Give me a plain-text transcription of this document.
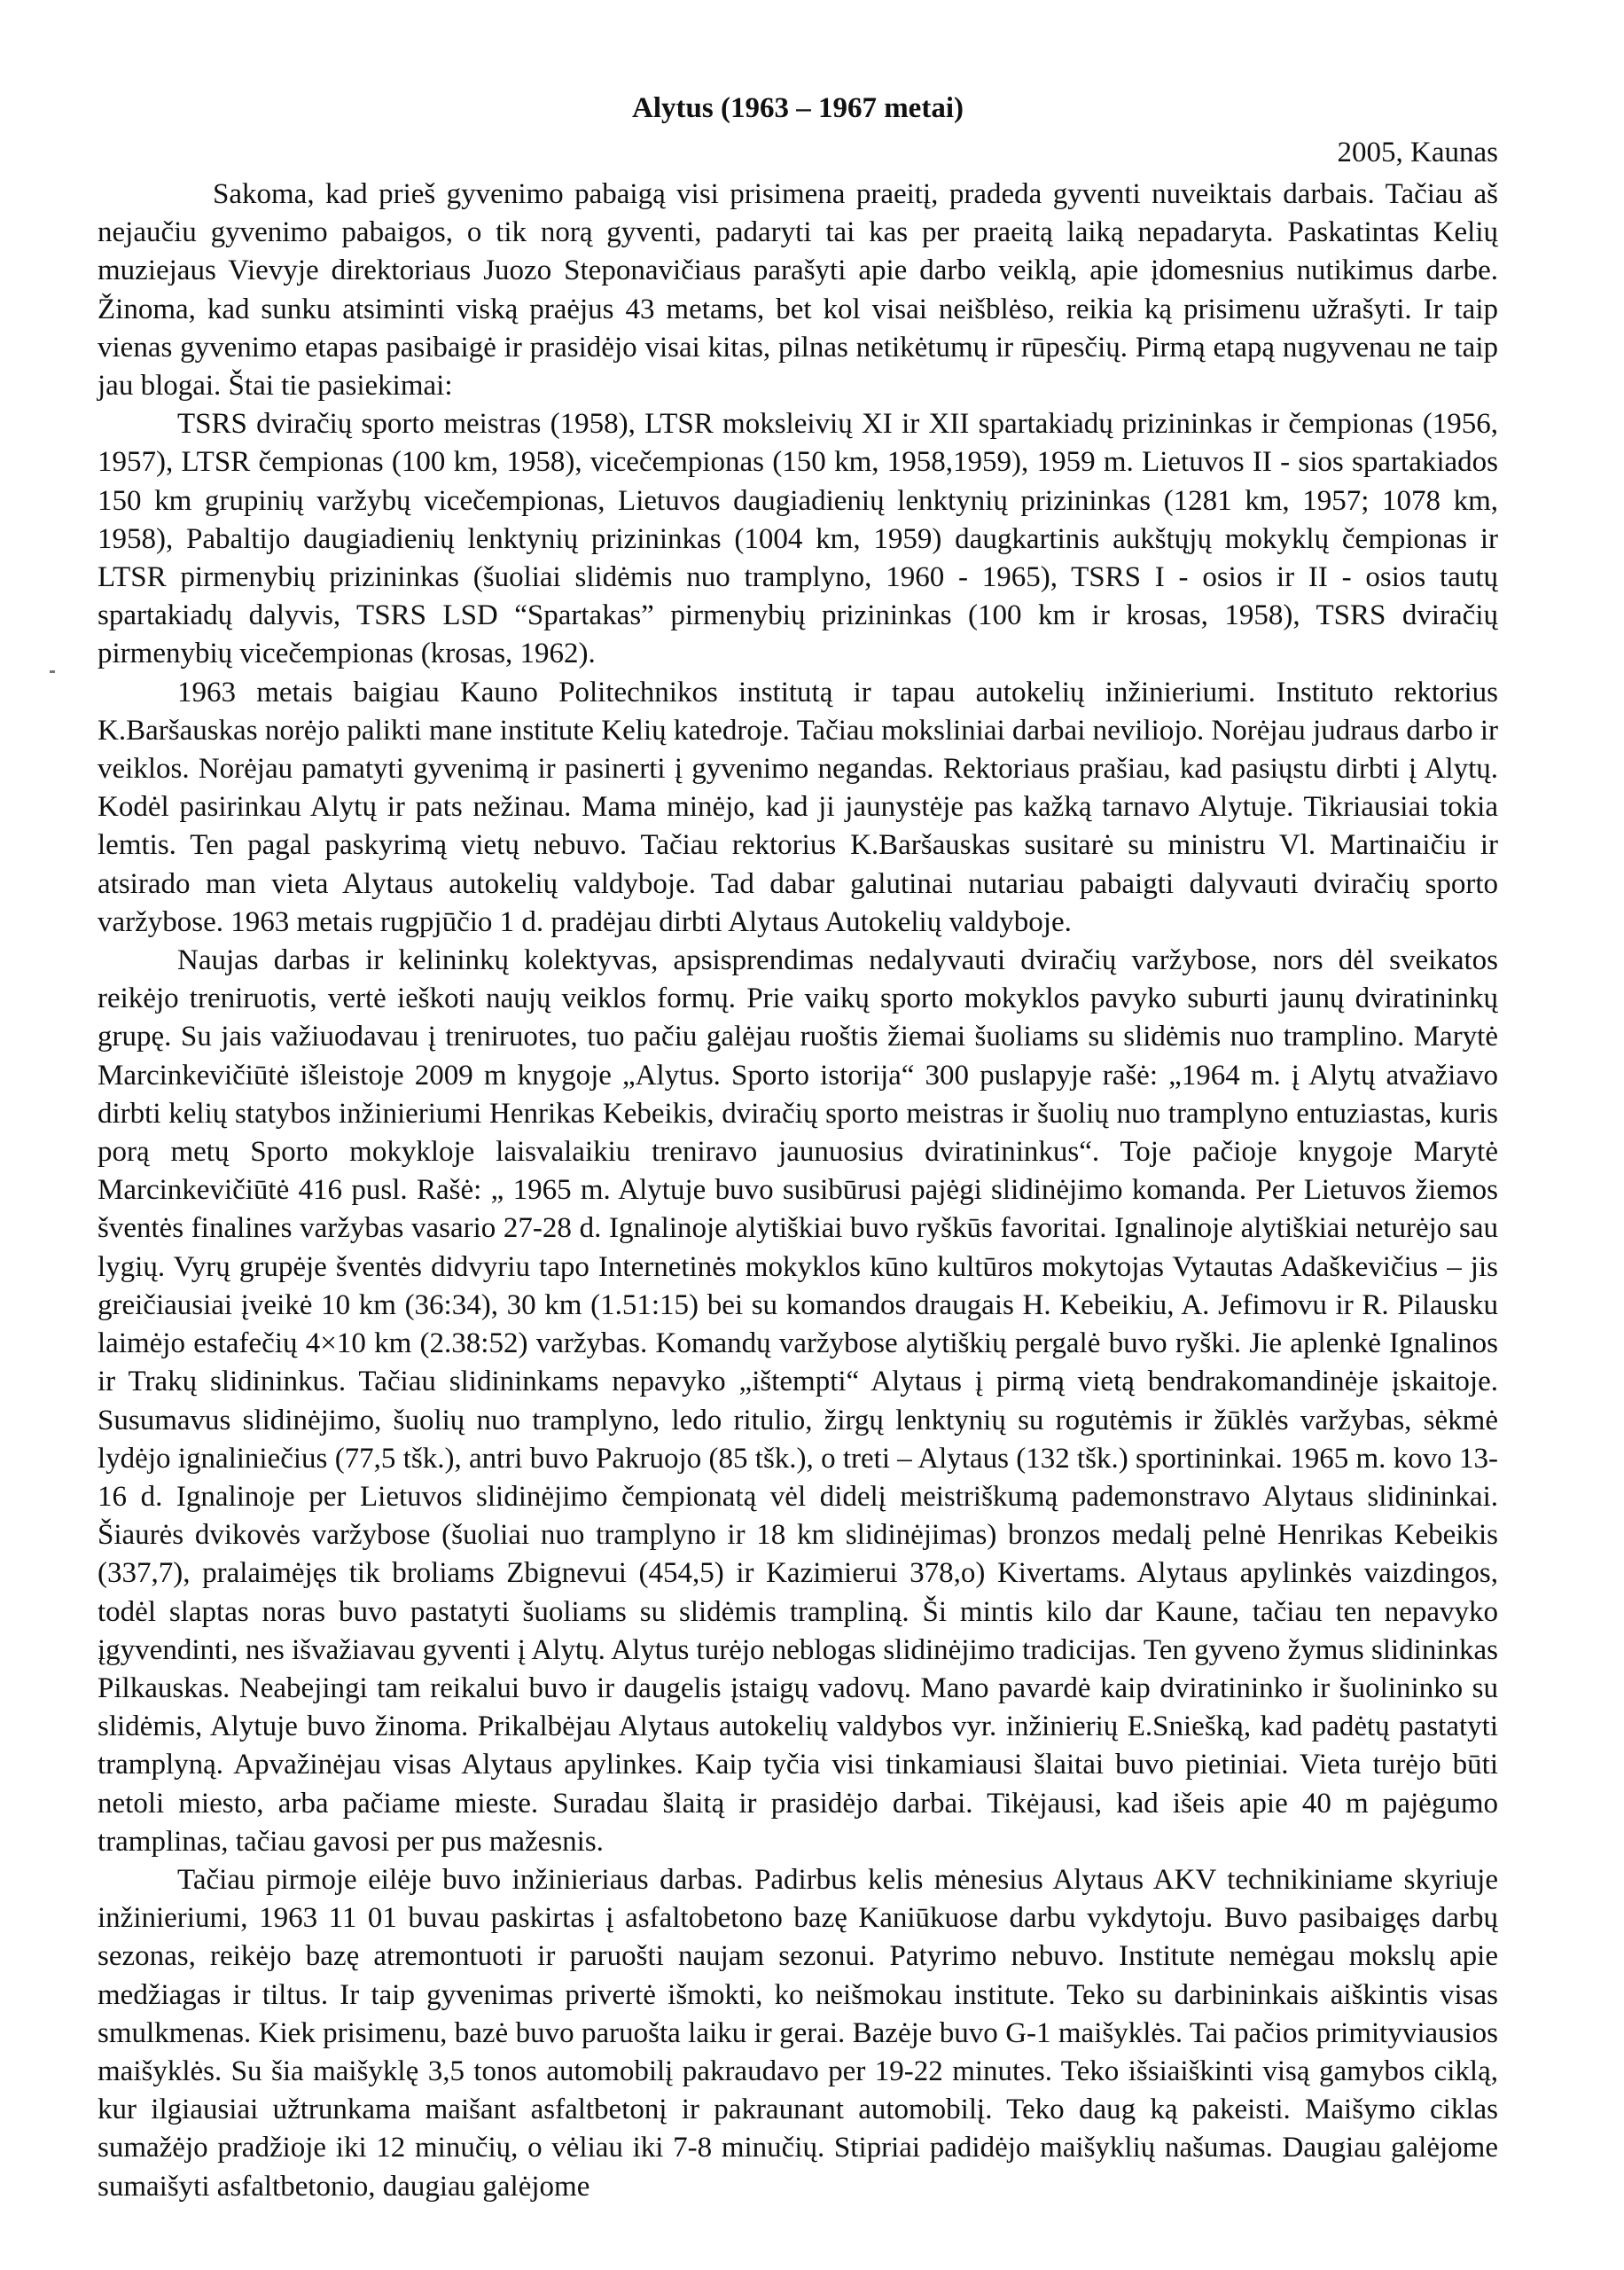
Alytus (1963 – 1967 metai)
2005, Kaunas

Sakoma, kad prieš gyvenimo pabaigą visi prisimena praeitį, pradeda gyventi nuveiktais darbais. Tačiau aš nejaučiu gyvenimo pabaigos, o tik norą gyventi, padaryti tai kas per praeitą laiką nepadaryta. Paskatintas Kelių muziejaus Vievyje direktoriaus Juozo Steponavičiaus parašyti apie darbo veiklą, apie įdomesnius nutikimus darbe. Žinoma, kad sunku atsiminti viską praėjus 43 metams, bet kol visai neišblėso, reikia ką prisimenu užrašyti. Ir taip vienas gyvenimo etapas pasibaigė ir prasidėjo visai kitas, pilnas netikėtumų ir rūpesčių. Pirmą etapą nugyvenau ne taip jau blogai. Štai tie pasiekimai:

TSRS dviračių sporto meistras (1958), LTSR moksleivių XI ir XII spartakiadų prizininkas ir čempionas (1956, 1957), LTSR čempionas (100 km, 1958), vicečempionas (150 km, 1958,1959), 1959 m. Lietuvos II - sios spartakiados 150 km grupinių varžybų vicečempionas, Lietuvos daugiadienių lenktynių prizininkas (1281 km, 1957; 1078 km, 1958), Pabaltijo daugiadienių lenktynių prizininkas (1004 km, 1959) daugkartinis aukštųjų mokyklų čempionas ir LTSR pirmenybių prizininkas (šuoliai slidėmis nuo tramplyno, 1960 - 1965), TSRS I - osios ir II - osios tautų spartakiadų dalyvis, TSRS LSD “Spartakas” pirmenybių prizininkas (100 km ir krosas, 1958), TSRS dviračių pirmenybių vicečempionas (krosas, 1962).

1963 metais baigiau Kauno Politechnikos institutą ir tapau autokelių inžinieriumi. Instituto rektorius K.Baršauskas norėjo palikti mane institute Kelių katedroje. Tačiau moksliniai darbai neviliojo. Norėjau judraus darbo ir veiklos. Norėjau pamatyti gyvenimą ir pasinerti į gyvenimo negandas. Rektoriaus prašiau, kad pasiųstu dirbti į Alytų. Kodėl pasirinkau Alytų ir pats nežinau. Mama minėjo, kad ji jaunystėje pas kažką tarnavo Alytuje. Tikriausiai tokia lemtis. Ten pagal paskyrimą vietų nebuvo. Tačiau rektorius K.Baršauskas susitarė su ministru Vl. Martinaičiu ir atsirado man vieta Alytaus autokelių valdyboje. Tad dabar galutinai nutariau pabaigti dalyvauti dviračių sporto varžybose. 1963 metais rugpjūčio 1 d. pradėjau dirbti Alytaus Autokelių valdyboje.

Naujas darbas ir kelininkų kolektyvas, apsisprendimas nedalyvauti dviračių varžybose, nors dėl sveikatos reikėjo treniruotis, vertė ieškoti naujų veiklos formų. Prie vaikų sporto mokyklos pavyko suburti jaunų dviratininkų grupę. Su jais važiuodavau į treniruotes, tuo pačiu galėjau ruoštis žiemai šuoliams su slidėmis nuo tramplino. Marytė Marcinkevičiūtė išleistoje 2009 m knygoje „Alytus. Sporto istorija“ 300 puslapyje rašė: „1964 m. į Alytų atvažiavo dirbti kelių statybos inžinieriumi Henrikas Kebeikis, dviračių sporto meistras ir šuolių nuo tramplyno entuziastas, kuris porą metų Sporto mokykloje laisvalaikiu treniravo jaunuosius dviratininkus“. Toje pačioje knygoje Marytė Marcinkevičiūtė 416 pusl. Rašė: „ 1965 m. Alytuje buvo susibūrusi pajėgi slidinėjimo komanda. Per Lietuvos žiemos šventės finalines varžybas vasario 27-28 d. Ignalinoje alytiškiai buvo ryškūs favoritai. Ignalinoje alytiškiai neturėjo sau lygių. Vyrų grupėje šventės didvyriu tapo Internetinės mokyklos kūno kultūros mokytojas Vytautas Adaškevičius – jis greičiausiai įveikė 10 km (36:34), 30 km (1.51:15) bei su komandos draugais H. Kebeikiu, A. Jefimovu ir R. Pilausku laimėjo estafečių 4×10 km (2.38:52) varžybas. Komandų varžybose alytiškių pergalė buvo ryški. Jie aplenkė Ignalinos ir Trakų slidininkus. Tačiau slidininkams nepavyko „ištempti“ Alytaus į pirmą vietą bendrakomandinėje įskaitoje. Susumavus slidinėjimo, šuolių nuo tramplyno, ledo ritulio, žirgų lenktynių su rogutėmis ir žūklės varžybas, sėkmė lydėjo ignaliniečius (77,5 tšk.), antri buvo Pakruojo (85 tšk.), o treti – Alytaus (132 tšk.) sportininkai. 1965 m. kovo 13-16 d. Ignalinoje per Lietuvos slidinėjimo čempionatą vėl didelį meistriškumą pademonstravo Alytaus slidininkai. Šiaurės dvikovės varžybose (šuoliai nuo tramplyno ir 18 km slidinėjimas) bronzos medalį pelnė Henrikas Kebeikis (337,7), pralaimėjęs tik broliams Zbignevui (454,5) ir Kazimierui 378,o) Kivertams. Alytaus apylinkės vaizdingos, todėl slaptas noras buvo pastatyti šuoliams su slidėmis trampliną. Ši mintis kilo dar Kaune, tačiau ten nepavyko įgyvendinti, nes išvažiavau gyventi į Alytų. Alytus turėjo neblogas slidinėjimo tradicijas. Ten gyveno žymus slidininkas Pilkauskas. Neabejingi tam reikalui buvo ir daugelis įstaigų vadovų. Mano pavardė kaip dviratininko ir šuolininko su slidėmis, Alytuje buvo žinoma. Prikalbėjau Alytaus autokelių valdybos vyr. inžinierių E.Sniešką, kad padėtų pastatyti tramplyną. Apvažinėjau visas Alytaus apylinkes. Kaip tyčia visi tinkamiausi šlaitai buvo pietiniai. Vieta turėjo būti netoli miesto, arba pačiame mieste. Suradau šlaitą ir prasidėjo darbai. Tikėjausi, kad išeis apie 40 m pajėgumo tramplinas, tačiau gavosi per pus mažesnis.

Tačiau pirmoje eilėje buvo inžinieriaus darbas. Padirbus kelis mėnesius Alytaus AKV technikiniame skyriuje inžinieriumi, 1963 11 01 buvau paskirtas į asfaltobetono bazę Kaniūkuose darbu vykdytoju. Buvo pasibaigęs darbų sezonas, reikėjo bazę atremontuoti ir paruošti naujam sezonui. Patyrimo nebuvo. Institute nemėgau mokslų apie medžiagas ir tiltus. Ir taip gyvenimas privertė išmokti, ko neišmokau institute. Teko su darbininkais aiškintis visas smulkmenas. Kiek prisimenu, bazė buvo paruošta laiku ir gerai. Bazėje buvo G-1 maišyklės. Tai pačios primityviausios maišyklės. Su šia maišyklę 3,5 tonos automobilį pakraudavo per 19-22 minutes. Teko išsiaiškinti visą gamybos ciklą, kur ilgiausiai užtrunkama maišant asfaltbetonį ir pakraunant automobilį. Teko daug ką pakeisti. Maišymo ciklas sumažėjo pradžioje iki 12 minučių, o vėliau iki 7-8 minučių. Stipriai padidėjo maišyklių našumas. Daugiau galėjome sumaišyti asfaltbetonio, daugiau galėjome
